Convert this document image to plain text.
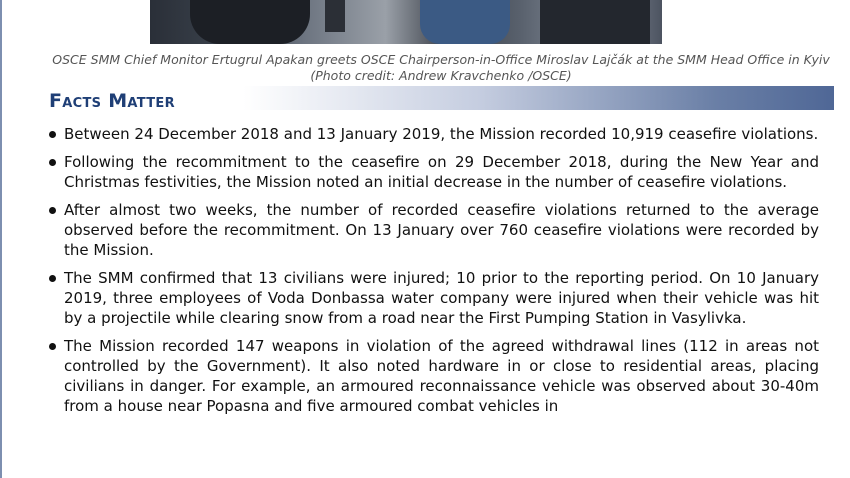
OSCE SMM Chief Monitor Ertugrul Apakan greets OSCE Chairperson-in-Office Miroslav Lajčák at the SMM Head Office in Kyiv (Photo credit: Andrew Kravchenko /OSCE)
Facts Matter
Between 24 December 2018 and 13 January 2019, the Mission recorded 10,919 ceasefire violations.
Following the recommitment to the ceasefire on 29 December 2018, during the New Year and Christmas festivities, the Mission noted an initial decrease in the number of ceasefire violations.
After almost two weeks, the number of recorded ceasefire violations returned to the average observed before the recommitment. On 13 January over 760 ceasefire violations were recorded by the Mission.
The SMM confirmed that 13 civilians were injured; 10 prior to the reporting period. On 10 January 2019, three employees of Voda Donbassa water company were injured when their vehicle was hit by a projectile while clearing snow from a road near the First Pumping Station in Vasylivka.
The Mission recorded 147 weapons in violation of the agreed withdrawal lines (112 in areas not controlled by the Government). It also noted hardware in or close to residential areas, placing civilians in danger. For example, an armoured reconnaissance vehicle was observed about 30-40m from a house near Popasna and five armoured combat vehicles in
